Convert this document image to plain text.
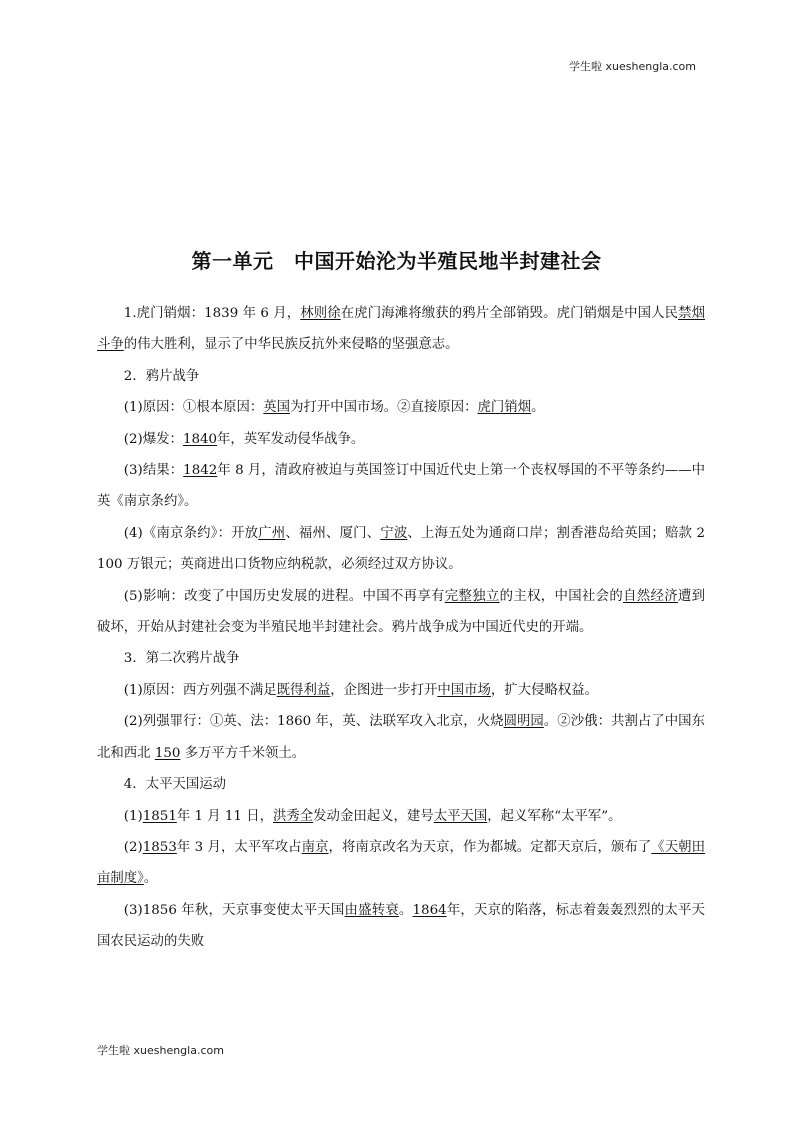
学生啦 xueshengla.com
第一单元　中国开始沦为半殖民地半封建社会

1.虎门销烟：1839 年 6 月，林则徐在虎门海滩将缴获的鸦片全部销毁。虎门销烟是中国人民禁烟斗争的伟大胜利，显示了中华民族反抗外来侵略的坚强意志。

2．鸦片战争

(1)原因：①根本原因：英国为打开中国市场。②直接原因：虎门销烟。

(2)爆发：1840年，英军发动侵华战争。

(3)结果：1842年 8 月，清政府被迫与英国签订中国近代史上第一个丧权辱国的不平等条约——中英《南京条约》。

(4)《南京条约》：开放广州、福州、厦门、宁波、上海五处为通商口岸；割香港岛给英国；赔款 2 100 万银元；英商进出口货物应纳税款，必须经过双方协议。

(5)影响：改变了中国历史发展的进程。中国不再享有完整独立的主权，中国社会的自然经济遭到破坏，开始从封建社会变为半殖民地半封建社会。鸦片战争成为中国近代史的开端。

3．第二次鸦片战争

(1)原因：西方列强不满足既得利益，企图进一步打开中国市场，扩大侵略权益。

(2)列强罪行：①英、法：1860 年，英、法联军攻入北京，火烧圆明园。②沙俄：共割占了中国东北和西北 150 多万平方千米领土。

4．太平天国运动

(1)1851年 1 月 11 日，洪秀全发动金田起义，建号太平天国，起义军称“太平军”。

(2)1853年 3 月，太平军攻占南京，将南京改名为天京，作为都城。定都天京后，颁布了《天朝田亩制度》。

(3)1856 年秋，天京事变使太平天国由盛转衰。1864年，天京的陷落，标志着轰轰烈烈的太平天国农民运动的失败

学生啦 xueshengla.com
